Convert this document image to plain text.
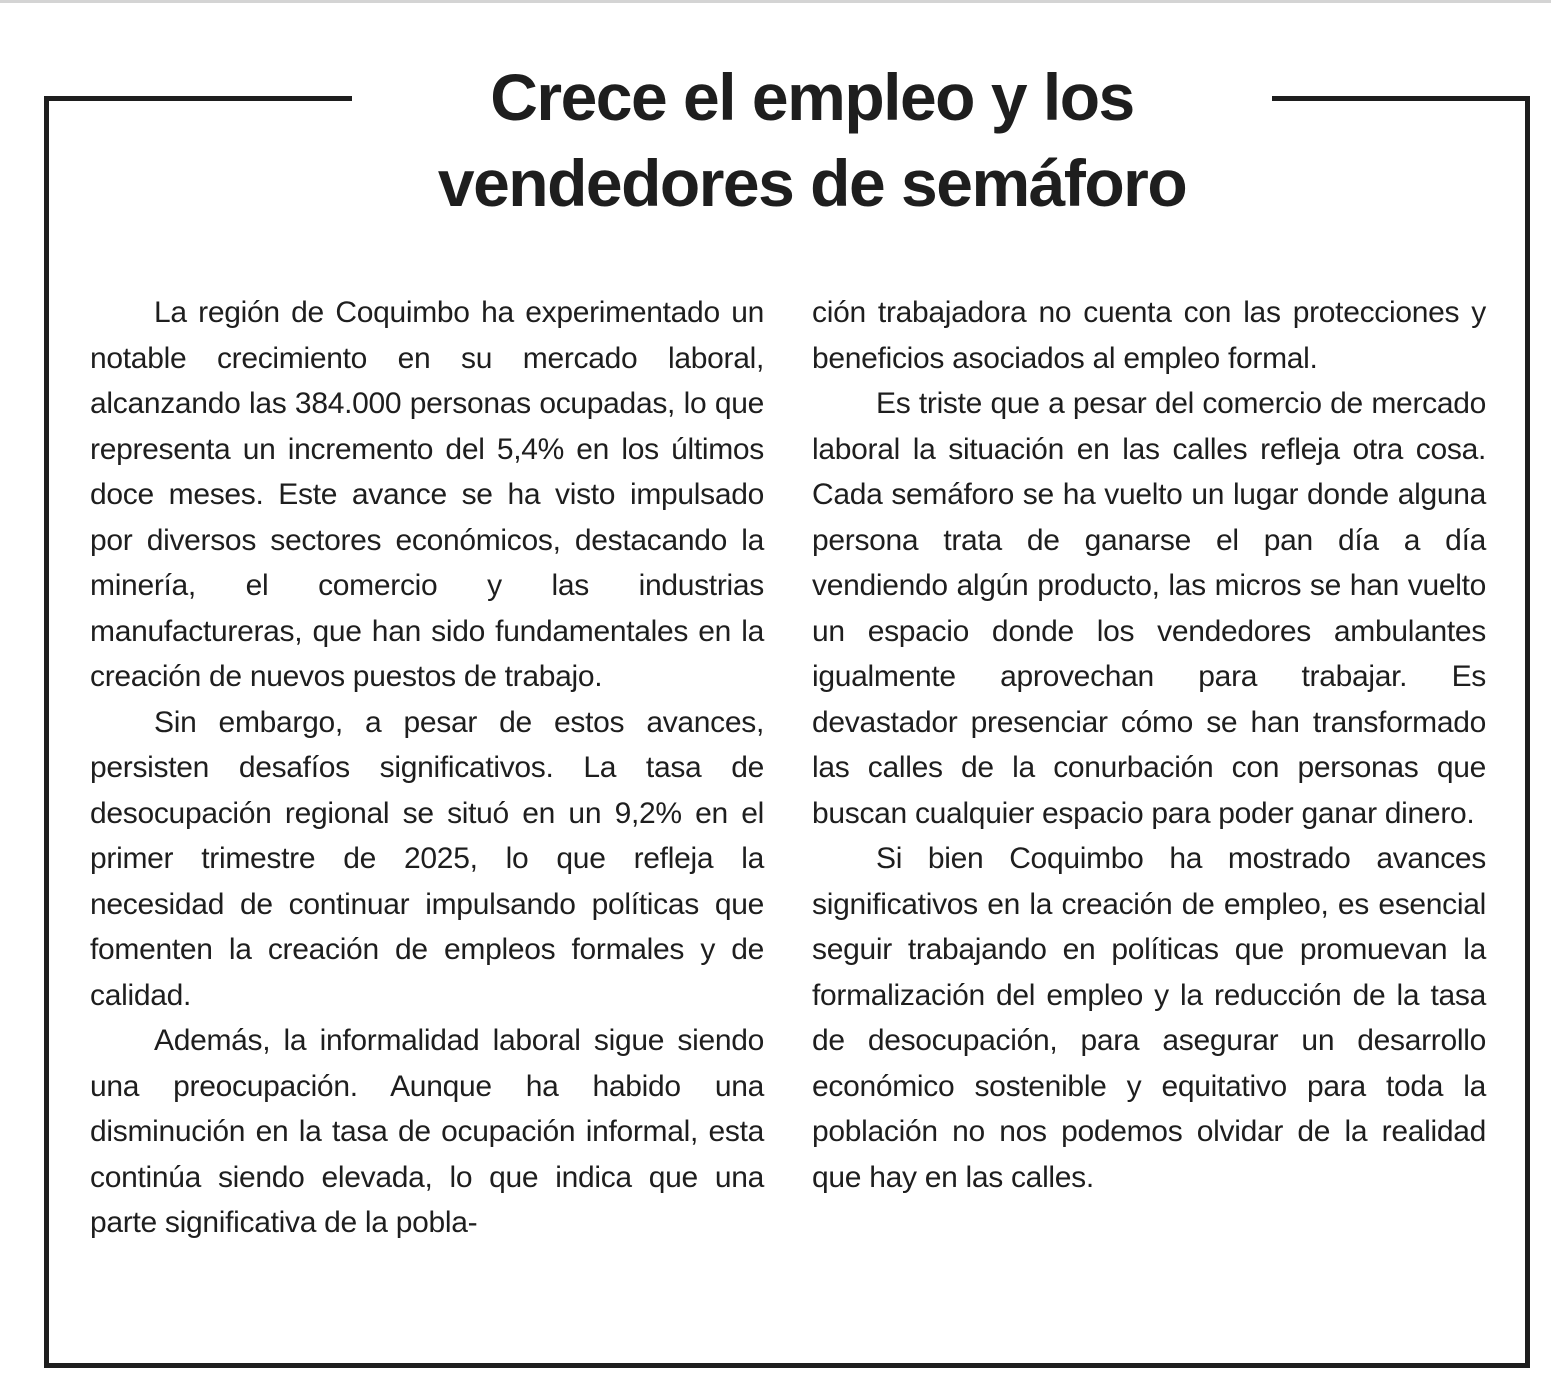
Crece el empleo y los vendedores de semáforo

La región de Coquimbo ha experimentado un notable crecimiento en su mercado laboral, alcanzando las 384.000 personas ocupadas, lo que representa un incremento del 5,4% en los últimos doce meses. Este avance se ha visto impulsado por diversos sectores económicos, destacando la minería, el comercio y las industrias manufactureras, que han sido fundamentales en la creación de nuevos puestos de trabajo.

Sin embargo, a pesar de estos avances, persisten desafíos significativos. La tasa de desocupación regional se situó en un 9,2% en el primer trimestre de 2025, lo que refleja la necesidad de continuar impulsando políticas que fomenten la creación de empleos formales y de calidad.

Además, la informalidad laboral sigue siendo una preocupación. Aunque ha habido una disminución en la tasa de ocupación informal, esta continúa siendo elevada, lo que indica que una parte significativa de la pobla-

ción trabajadora no cuenta con las protecciones y beneficios asociados al empleo formal.

Es triste que a pesar del comercio de mercado laboral la situación en las calles refleja otra cosa. Cada semáforo se ha vuelto un lugar donde alguna persona trata de ganarse el pan día a día vendiendo algún producto, las micros se han vuelto un espacio donde los vendedores ambulantes igualmente aprovechan para trabajar. Es devastador presenciar cómo se han transformado las calles de la conurbación con personas que buscan cualquier espacio para poder ganar dinero.

Si bien Coquimbo ha mostrado avances significativos en la creación de empleo, es esencial seguir trabajando en políticas que promuevan la formalización del empleo y la reducción de la tasa de desocupación, para asegurar un desarrollo económico sostenible y equitativo para toda la población no nos podemos olvidar de la realidad que hay en las calles.
